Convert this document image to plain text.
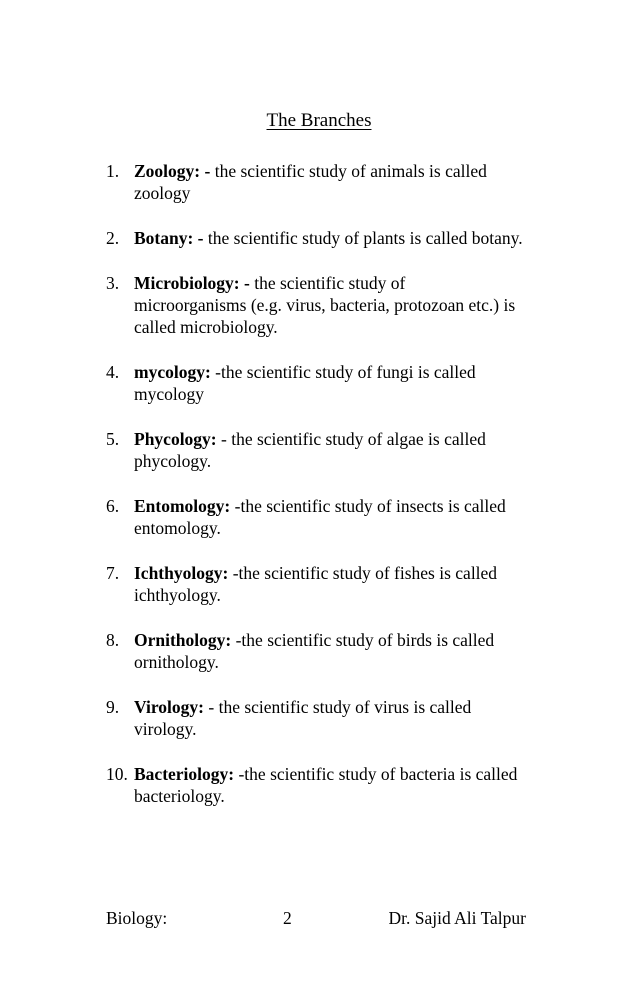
The Branches
1. Zoology: - the scientific study of animals is called zoology
2. Botany: - the scientific study of plants is called botany.
3. Microbiology: - the scientific study of microorganisms (e.g. virus, bacteria, protozoan etc.) is called microbiology.
4. mycology: -the scientific study of fungi is called mycology
5. Phycology: - the scientific study of algae is called phycology.
6. Entomology: -the scientific study of insects is called entomology.
7. Ichthyology: -the scientific study of fishes is called ichthyology.
8. Ornithology: -the scientific study of birds is called ornithology.
9. Virology: - the scientific study of virus is called virology.
10. Bacteriology: -the scientific study of bacteria is called bacteriology.
Biology:	2	Dr. Sajid Ali Talpur
